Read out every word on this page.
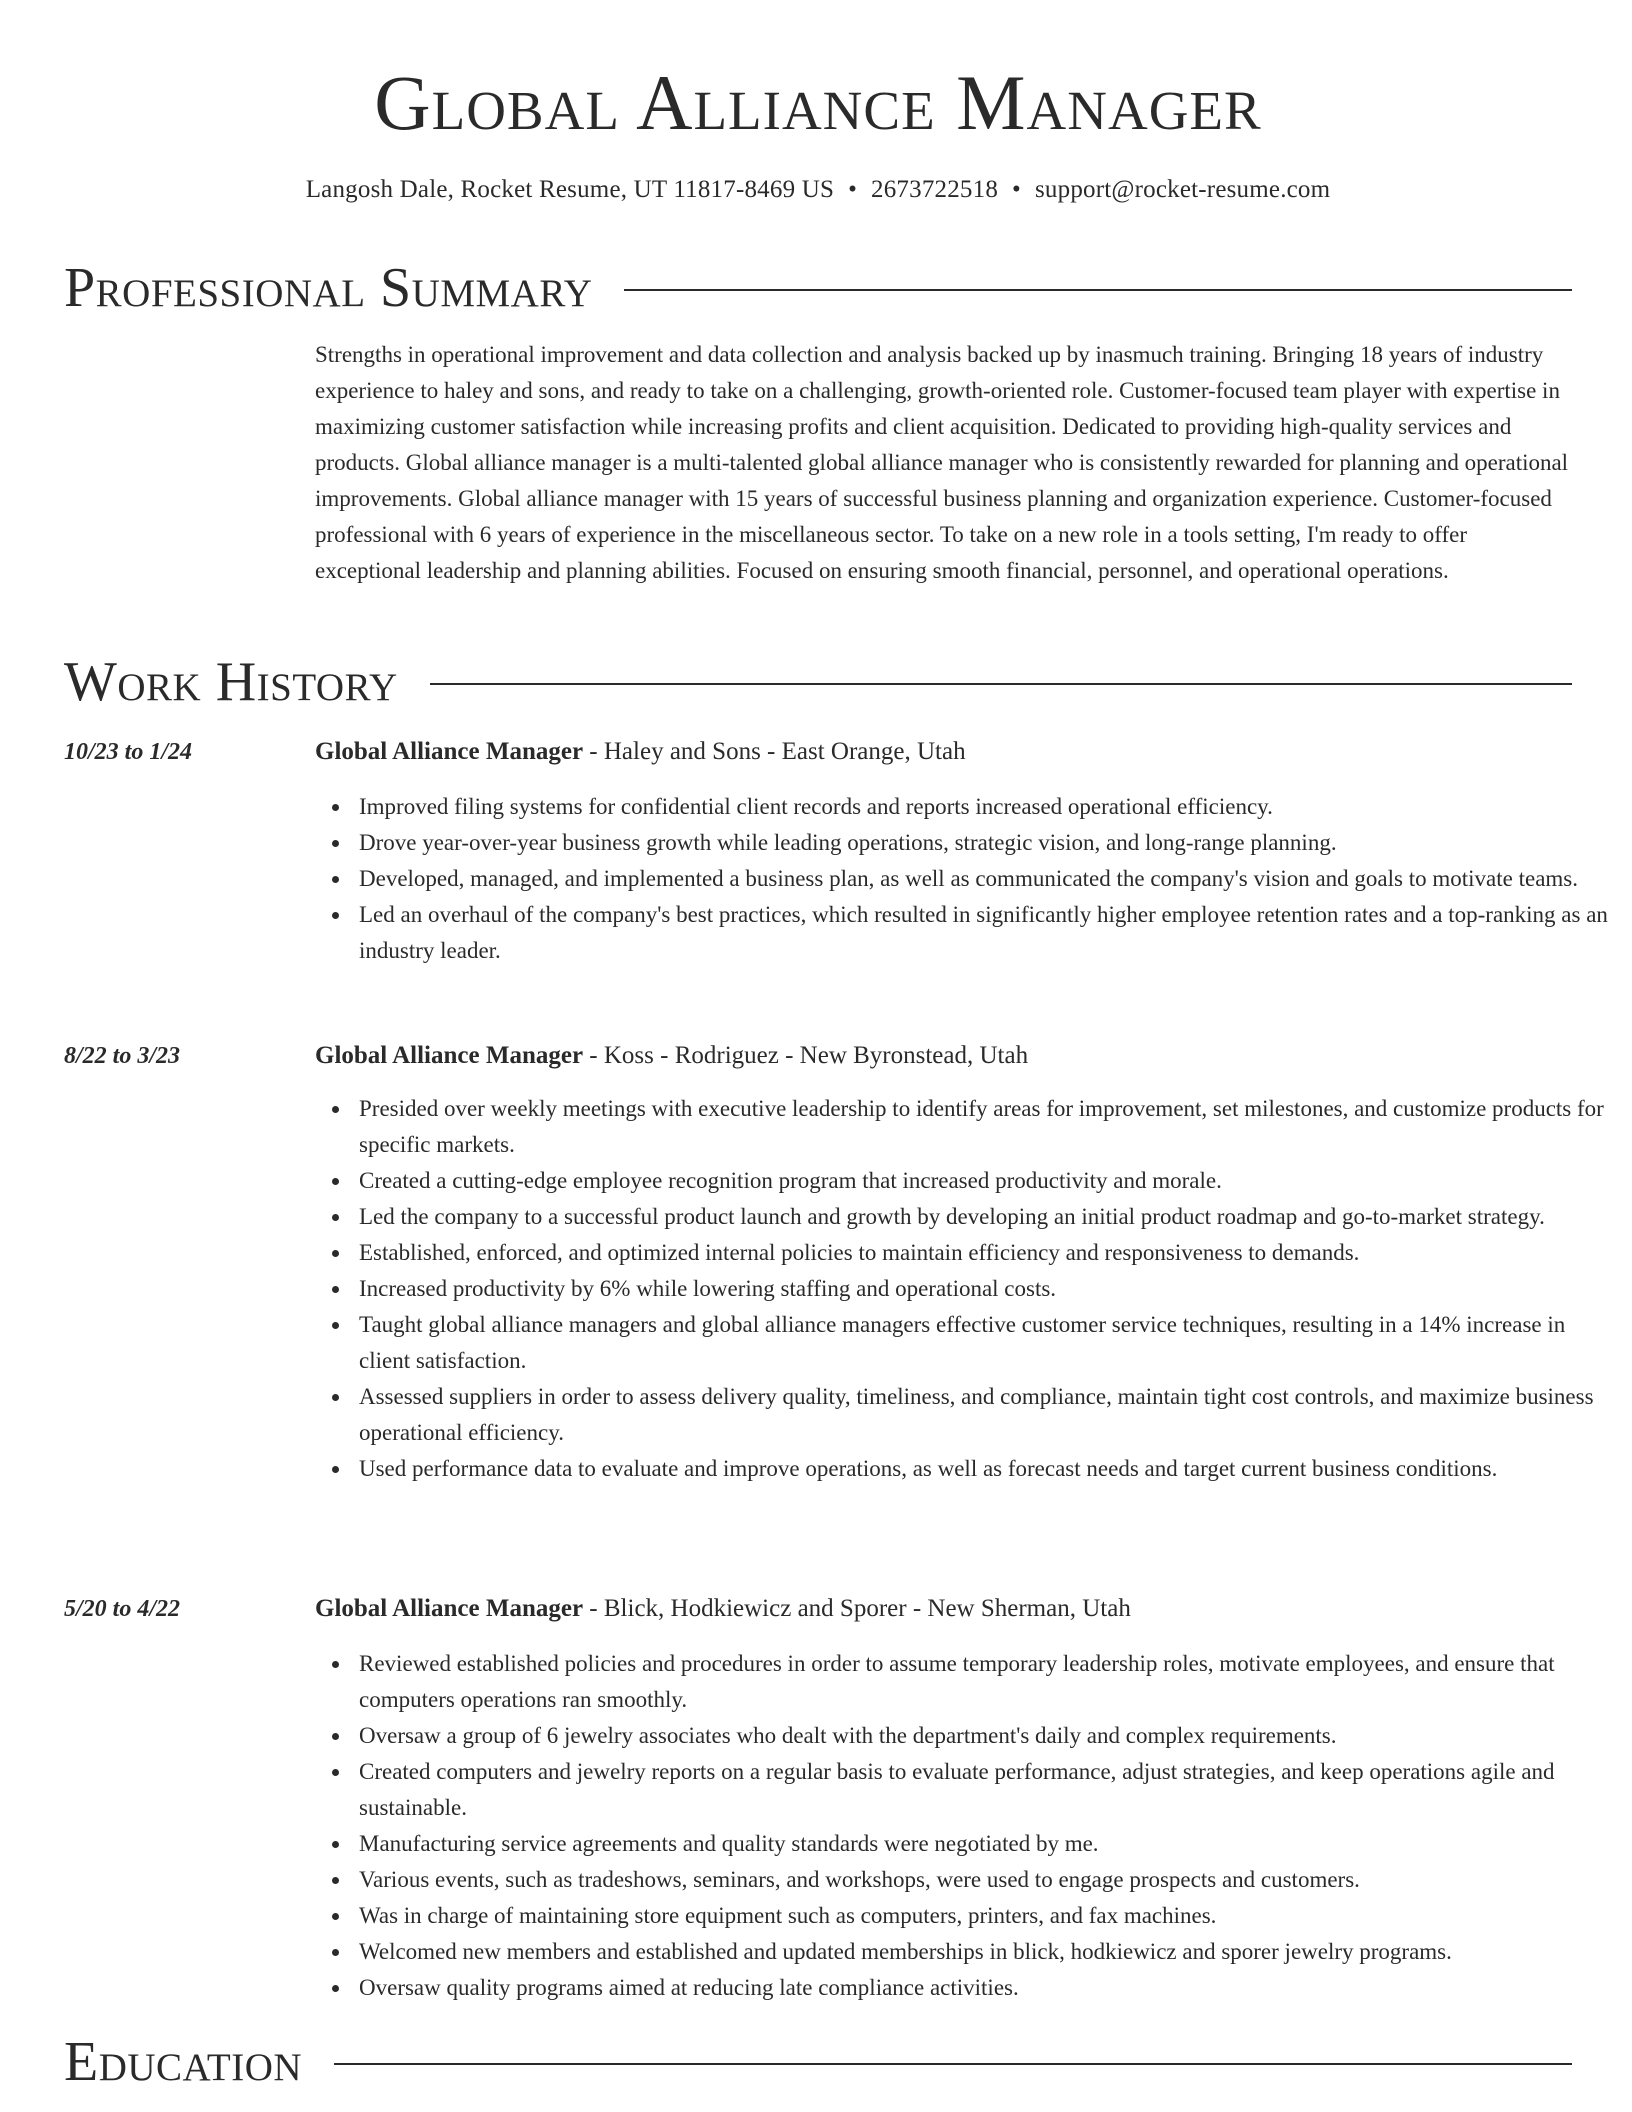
Global Alliance Manager
Langosh Dale, Rocket Resume, UT 11817-8469 US • 2673722518 • support@rocket-resume.com
Professional Summary

Strengths in operational improvement and data collection and analysis backed up by inasmuch training. Bringing 18 years of industry experience to haley and sons, and ready to take on a challenging, growth-oriented role. Customer-focused team player with expertise in maximizing customer satisfaction while increasing profits and client acquisition. Dedicated to providing high-quality services and products. Global alliance manager is a multi-talented global alliance manager who is consistently rewarded for planning and operational improvements. Global alliance manager with 15 years of successful business planning and organization experience. Customer-focused professional with 6 years of experience in the miscellaneous sector. To take on a new role in a tools setting, I'm ready to offer exceptional leadership and planning abilities. Focused on ensuring smooth financial, personnel, and operational operations.

Work History
10/23 to 1/24	Global Alliance Manager - Haley and Sons - East Orange, Utah
Improved filing systems for confidential client records and reports increased operational efficiency.
Drove year-over-year business growth while leading operations, strategic vision, and long-range planning.
Developed, managed, and implemented a business plan, as well as communicated the company's vision and goals to motivate teams.
Led an overhaul of the company's best practices, which resulted in significantly higher employee retention rates and a top-ranking as an industry leader.
8/22 to 3/23	Global Alliance Manager - Koss - Rodriguez - New Byronstead, Utah
Presided over weekly meetings with executive leadership to identify areas for improvement, set milestones, and customize products for specific markets.
Created a cutting-edge employee recognition program that increased productivity and morale.
Led the company to a successful product launch and growth by developing an initial product roadmap and go-to-market strategy.
Established, enforced, and optimized internal policies to maintain efficiency and responsiveness to demands.
Increased productivity by 6% while lowering staffing and operational costs.
Taught global alliance managers and global alliance managers effective customer service techniques, resulting in a 14% increase in client satisfaction.
Assessed suppliers in order to assess delivery quality, timeliness, and compliance, maintain tight cost controls, and maximize business operational efficiency.
Used performance data to evaluate and improve operations, as well as forecast needs and target current business conditions.
5/20 to 4/22	Global Alliance Manager - Blick, Hodkiewicz and Sporer - New Sherman, Utah
Reviewed established policies and procedures in order to assume temporary leadership roles, motivate employees, and ensure that computers operations ran smoothly.
Oversaw a group of 6 jewelry associates who dealt with the department's daily and complex requirements.
Created computers and jewelry reports on a regular basis to evaluate performance, adjust strategies, and keep operations agile and sustainable.
Manufacturing service agreements and quality standards were negotiated by me.
Various events, such as tradeshows, seminars, and workshops, were used to engage prospects and customers.
Was in charge of maintaining store equipment such as computers, printers, and fax machines.
Welcomed new members and established and updated memberships in blick, hodkiewicz and sporer jewelry programs.
Oversaw quality programs aimed at reducing late compliance activities.
Education
